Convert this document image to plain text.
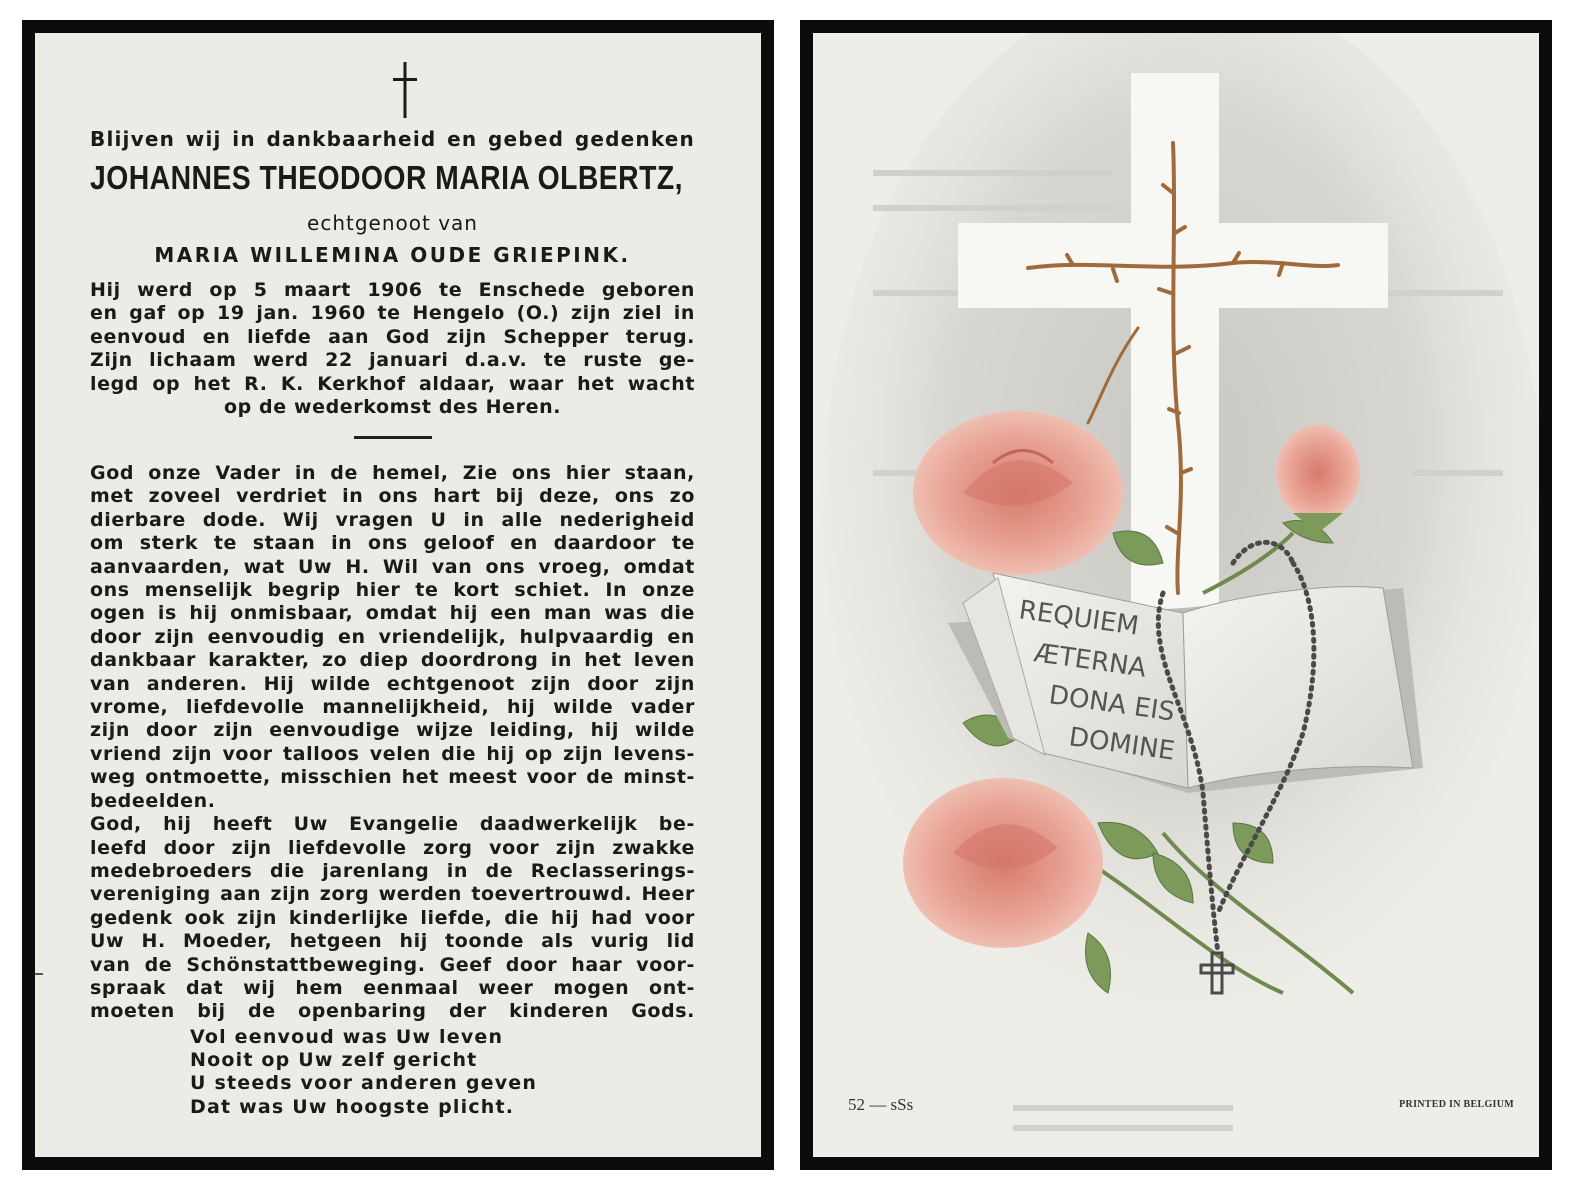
Blijven wij in dankbaarheid en gebed gedenken
JOHANNES THEODOOR MARIA OLBERTZ,
echtgenoot van
MARIA WILLEMINA OUDE GRIEPINK.
Hij werd op 5 maart 1906 te Enschede geboren
en gaf op 19 jan. 1960 te Hengelo (O.) zijn ziel in
eenvoud en liefde aan God zijn Schepper terug.
Zijn lichaam werd 22 januari d.a.v. te ruste ge-
legd op het R. K. Kerkhof aldaar, waar het wacht
op de wederkomst des Heren.
God onze Vader in de hemel, Zie ons hier staan,
met zoveel verdriet in ons hart bij deze, ons zo
dierbare dode. Wij vragen U in alle nederigheid
om sterk te staan in ons geloof en daardoor te
aanvaarden, wat Uw H. Wil van ons vroeg, omdat
ons menselijk begrip hier te kort schiet. In onze
ogen is hij onmisbaar, omdat hij een man was die
door zijn eenvoudig en vriendelijk, hulpvaardig en
dankbaar karakter, zo diep doordrong in het leven
van anderen. Hij wilde echtgenoot zijn door zijn
vrome, liefdevolle mannelijkheid, hij wilde vader
zijn door zijn eenvoudige wijze leiding, hij wilde
vriend zijn voor talloos velen die hij op zijn levens-
weg ontmoette, misschien het meest voor de minst-
bedeelden.
God, hij heeft Uw Evangelie daadwerkelijk be-
leefd door zijn liefdevolle zorg voor zijn zwakke
medebroeders die jarenlang in de Reclasserings-
vereniging aan zijn zorg werden toevertrouwd. Heer
gedenk ook zijn kinderlijke liefde, die hij had voor
Uw H. Moeder, hetgeen hij toonde als vurig lid
van de Schönstattbeweging. Geef door haar voor-
spraak dat wij hem eenmaal weer mogen ont-
moeten bij de openbaring der kinderen Gods.
Vol eenvoud was Uw leven
Nooit op Uw zelf gericht
U steeds voor anderen geven
Dat was Uw hoogste plicht.
REQUIEM
ÆTERNA
DONA EIS
DOMINE
52 — sSs	PRINTED IN BELGIUM
